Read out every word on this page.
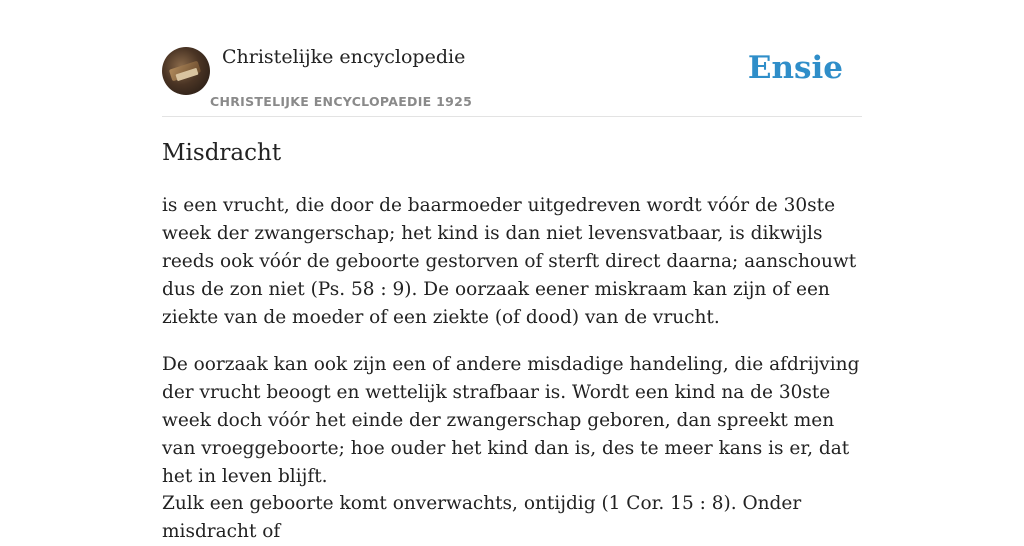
Christelijke encyclopedie
CHRISTELIJKE ENCYCLOPAEDIE 1925
Ensie
Misdracht

is een vrucht, die door de baarmoeder uitgedreven wordt vóór de 30ste week der zwangerschap; het kind is dan niet levensvatbaar, is dikwijls reeds ook vóór de geboorte gestorven of sterft direct daarna; aanschouwt dus de zon niet (Ps. 58 : 9). De oorzaak eener miskraam kan zijn of een ziekte van de moeder of een ziekte (of dood) van de vrucht.

De oorzaak kan ook zijn een of andere misdadige handeling, die afdrijving der vrucht beoogt en wettelijk strafbaar is. Wordt een kind na de 30ste week doch vóór het einde der zwangerschap geboren, dan spreekt men van vroeggeboorte; hoe ouder het kind dan is, des te meer kans is er, dat het in leven blijft.

Zulk een geboorte komt onverwachts, ontijdig (1 Cor. 15 : 8). Onder misdracht of
